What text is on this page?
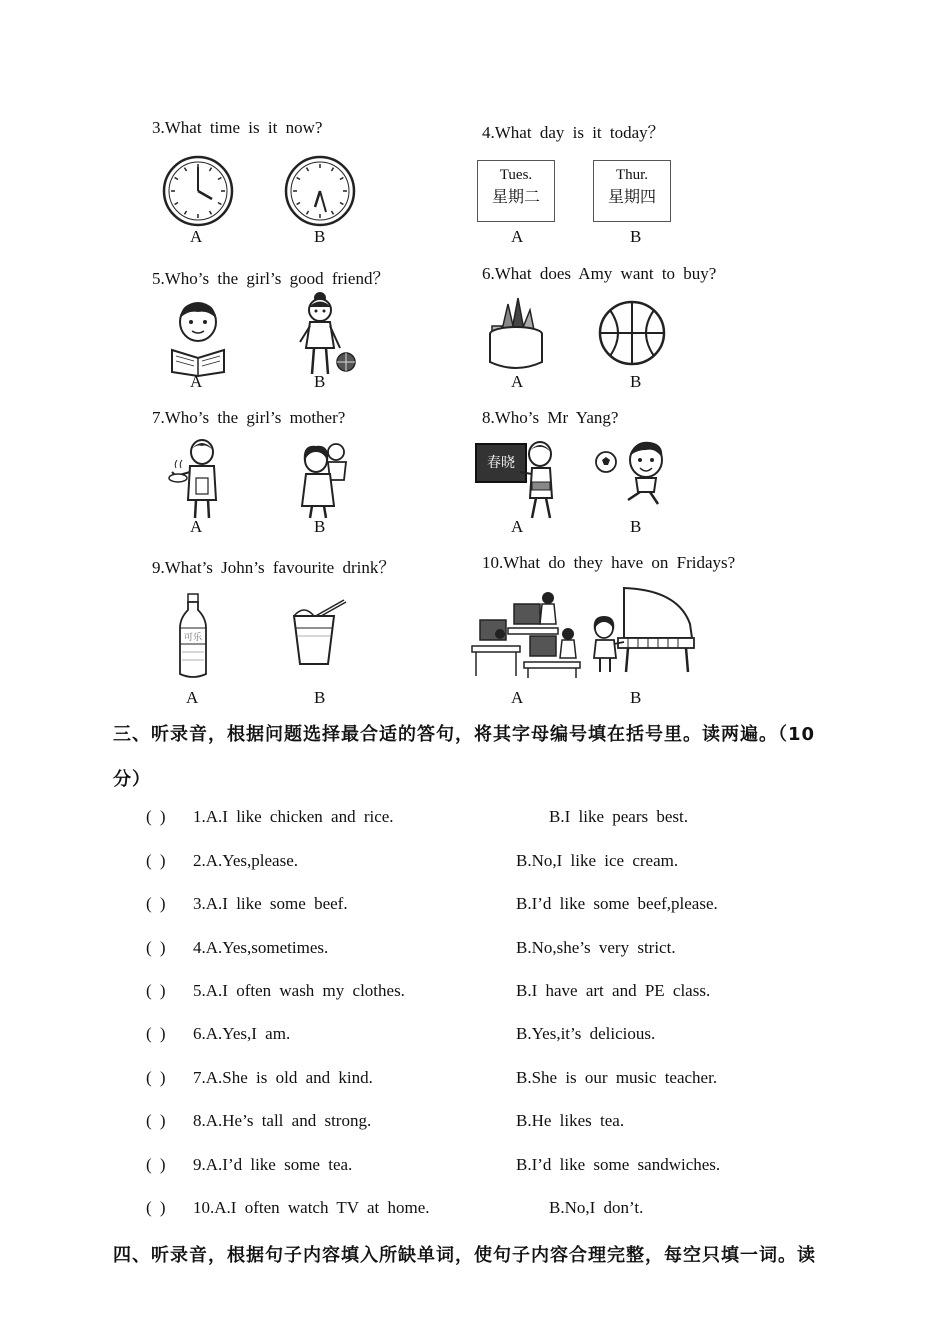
3.What time is it now?
A	B
4.What day is it today？
Tues.
星期二
A
Thur.
星期四
B
5.Who’s the girl’s good friend？
A	B
6.What does Amy want to buy?
A	B
7.Who’s the girl’s mother?
A	B
8.Who’s Mr Yang?
春晓
A	B
9.What’s John’s favourite drink？
可乐
A	B
10.What do they have on Fridays?
A	B
三、听录音，根据问题选择最合适的答句，将其字母编号填在括号里。读两遍。（10
分）
( ) 1.A.I like chicken and rice.	B.I like pears best.
( ) 2.A.Yes,please.	B.No,I like ice cream.
( ) 3.A.I like some beef.	B.I’d like some beef,please.
( ) 4.A.Yes,sometimes.	B.No,she’s very strict.
( ) 5.A.I often wash my clothes.	B.I have art and PE class.
( ) 6.A.Yes,I am.	B.Yes,it’s delicious.
( ) 7.A.She is old and kind.	B.She is our music teacher.
( ) 8.A.He’s tall and strong.	B.He likes tea.
( ) 9.A.I’d like some tea.	B.I’d like some sandwiches.
( ) 10.A.I often watch TV at home.	B.No,I don’t.
四、听录音，根据句子内容填入所缺单词，使句子内容合理完整，每空只填一词。读
